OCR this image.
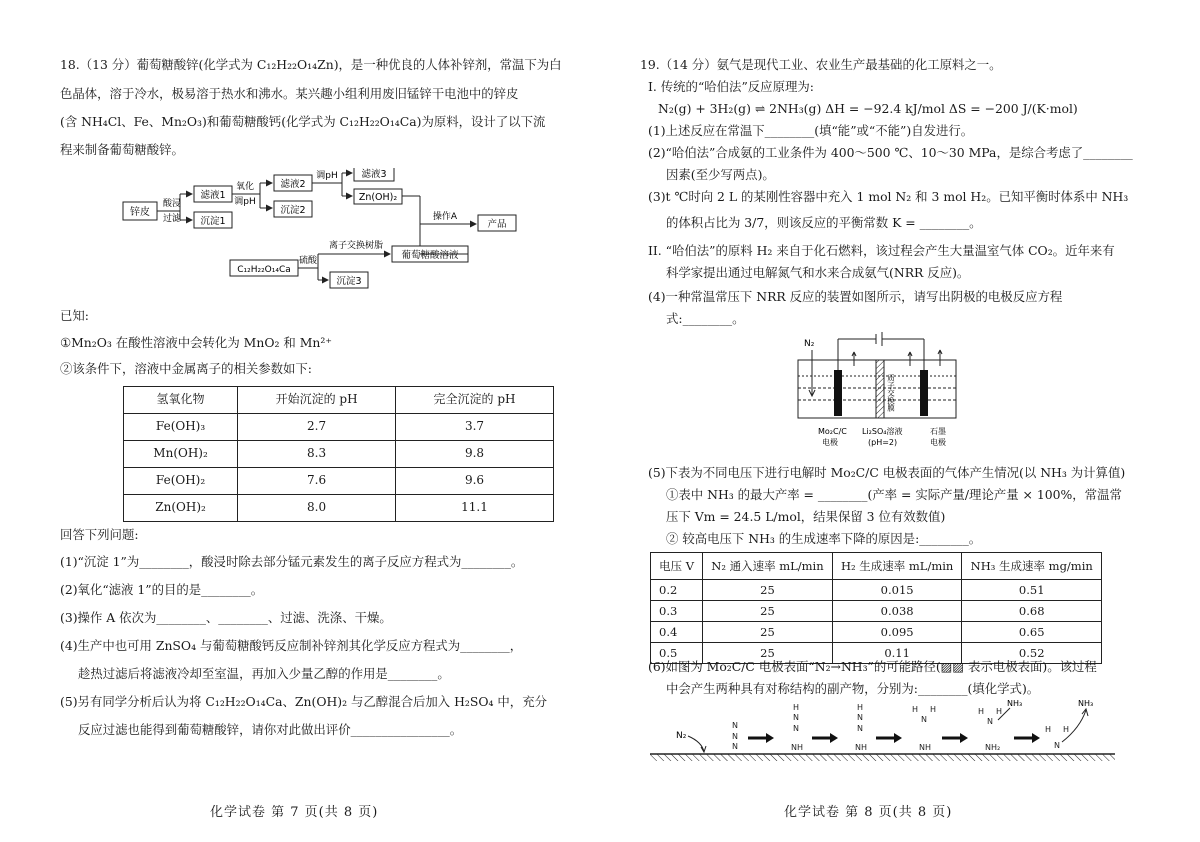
18.（13 分）葡萄糖酸锌(化学式为 C₁₂H₂₂O₁₄Zn)，是一种优良的人体补锌剂，常温下为白
色晶体，溶于冷水，极易溶于热水和沸水。某兴趣小组利用废旧锰锌干电池中的锌皮
(含 NH₄Cl、Fe、Mn₂O₃)和葡萄糖酸钙(化学式为 C₁₂H₂₂O₁₄Ca)为原料，设计了以下流
程来制备葡萄糖酸锌。
锌皮
酸浸
过滤
滤液1
沉淀1
氧化
调pH
滤液2
沉淀2
调pH 滤液3
Zn(OH)₂
操作A
产品
C₁₂H₂₂O₁₄Ca
硫酸
离子交换树脂
沉淀3
葡萄糖酸溶液
已知:
①Mn₂O₃ 在酸性溶液中会转化为 MnO₂ 和 Mn²⁺
②该条件下，溶液中金属离子的相关参数如下:
氢氧化物	开始沉淀的 pH	完全沉淀的 pH
Fe(OH)₃	2.7	3.7
Mn(OH)₂	8.3	9.8
Fe(OH)₂	7.6	9.6
Zn(OH)₂	8.0	11.1
回答下列问题:
(1)“沉淀 1”为________，酸浸时除去部分锰元素发生的离子反应方程式为________。
(2)氧化“滤液 1”的目的是________。
(3)操作 A 依次为________、________、过滤、洗涤、干燥。
(4)生产中也可用 ZnSO₄ 与葡萄糖酸钙反应制补锌剂其化学反应方程式为________，
趁热过滤后将滤液冷却至室温，再加入少量乙醇的作用是________。
(5)另有同学分析后认为将 C₁₂H₂₂O₁₄Ca、Zn(OH)₂ 与乙醇混合后加入 H₂SO₄ 中，充分
反应过滤也能得到葡萄糖酸锌，请你对此做出评价________________。
化学试卷 第 7 页(共 8 页)
19.（14 分）氨气是现代工业、农业生产最基础的化工原料之一。
I. 传统的“哈伯法”反应原理为:
N₂(g) + 3H₂(g) ⇌ 2NH₃(g) ΔH = −92.4 kJ/mol ΔS = −200 J/(K·mol)
(1)上述反应在常温下________(填“能”或“不能”)自发进行。
(2)“哈伯法”合成氨的工业条件为 400～500 ℃、10～30 MPa，是综合考虑了________
因素(至少写两点)。
(3)t ℃时向 2 L 的某刚性容器中充入 1 mol N₂ 和 3 mol H₂。已知平衡时体系中 NH₃
的体积占比为 3/7，则该反应的平衡常数 K = ________。
II. “哈伯法”的原料 H₂ 来自于化石燃料，该过程会产生大量温室气体 CO₂。近年来有
科学家提出通过电解氮气和水来合成氨气(NRR 反应)。
(4)一种常温常压下 NRR 反应的装置如图所示，请写出阴极的电极反应方程
式:________。
N₂
质子交换膜
Mo₂C/C
电极
Li₂SO₄溶液
(pH=2)
石墨
电极
(5)下表为不同电压下进行电解时 Mo₂C/C 电极表面的气体产生情况(以 NH₃ 为计算值)
①表中 NH₃ 的最大产率 = ________(产率 = 实际产量/理论产量 × 100%，常温常
压下 Vm = 24.5 L/mol，结果保留 3 位有效数值)
② 较高电压下 NH₃ 的生成速率下降的原因是:________。
电压 V	N₂ 通入速率 mL/min	H₂ 生成速率 mL/min	NH₃ 生成速率 mg/min
0.2	25	0.015	0.51
0.3	25	0.038	0.68
0.4	25	0.095	0.65
0.5	25	0.11	0.52
(6)如图为 Mo₂C/C 电极表面“N₂→NH₃”的可能路径(▨▨ 表示电极表面)。该过程
中会产生两种具有对称结构的副产物，分别为:________(填化学式)。
N₂
N
N
N
H
N
N
NH
H
N
N
NH
H H
N
NH
H H
N
NH₂
NH₃
H H
N
NH₃
化学试卷 第 8 页(共 8 页)
